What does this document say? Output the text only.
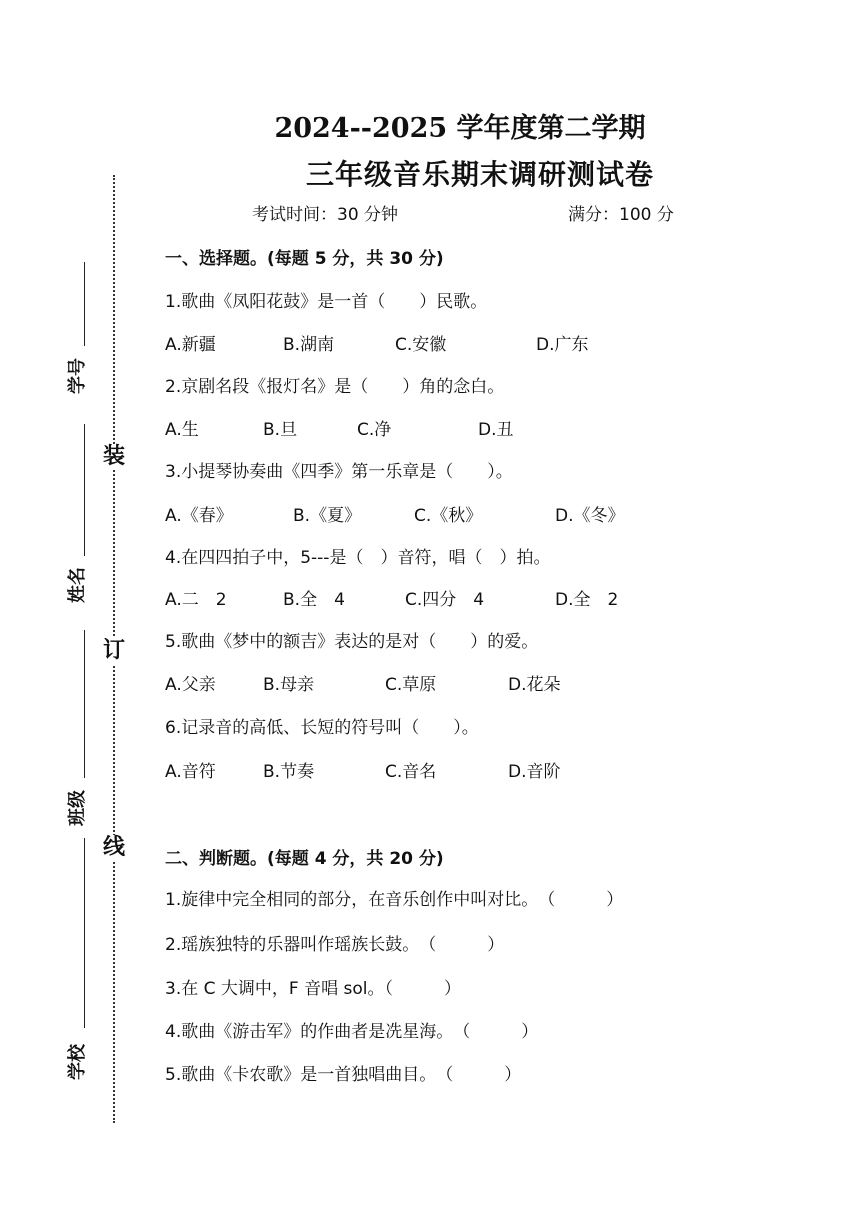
装
订
线
学号
姓名
班级
学校
2024--2025 学年度第二学期
三年级音乐期末调研测试卷
考试时间：30 分钟	满分：100 分
一、选择题。(每题 5 分，共 30 分)
1.歌曲《凤阳花鼓》是一首（　　）民歌。
A.新疆	B.湖南	C.安徽	D.广东
2.京剧名段《报灯名》是（　　）角的念白。
A.生	B.旦	C.净	D.丑
3.小提琴协奏曲《四季》第一乐章是（　　）。
A.《春》	B.《夏》	C.《秋》	D.《冬》
4.在四四拍子中，5---是（　）音符，唱（　）拍。
A.二　2	B.全　4	C.四分　4	D.全　2
5.歌曲《梦中的额吉》表达的是对（　　）的爱。
A.父亲	B.母亲	C.草原	D.花朵
6.记录音的高低、长短的符号叫（　　）。
A.音符	B.节奏	C.音名	D.音阶
二、判断题。(每题 4 分，共 20 分)
1.旋律中完全相同的部分，在音乐创作中叫对比。　（　　　）
2.瑶族独特的乐器叫作瑶族长鼓。　（　　　）
3.在 C 大调中，F 音唱 sol。（　　　）
4.歌曲《游击军》的作曲者是冼星海。　（　　　）
5.歌曲《卡农歌》是一首独唱曲目。　（　　　）
